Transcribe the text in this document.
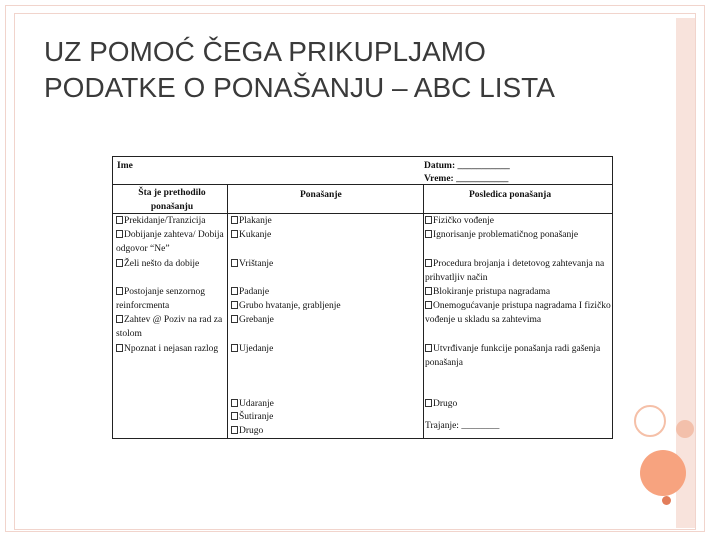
UZ POMOĆ ČEGA PRIKUPLJAMO
PODATKE O PONAŠANJU – ABC LISTA
Ime	Datum: ___________
Vreme: ___________
Šta je prethodilo ponašanju
Ponašanje	Posledica ponašanja
Prekidanje/Tranzicija
Dobijanje zahteva/ Dobija odgovor “Ne”
Želi nešto da dobije
Postojanje senzornog reinforcmenta
Zahtev @ Poziv na rad za stolom
Npoznat i nejasan razlog
Plakanje
Kukanje
Vrištanje
Padanje
Grubo hvatanje, grabljenje
Grebanje
Ujedanje
Udaranje
Šutiranje
Drugo
Fizičko vođenje
Ignorisanje problematičnog ponašanje
Procedura brojanja i detetovog zahtevanja na prihvatljiv način
Blokiranje pristupa nagradama
Onemogućavanje pristupa nagradama I fizičko vođenje u skladu sa zahtevima
Utvrđivanje funkcije ponašanja radi gašenja ponašanja
Drugo
Trajanje: ________
